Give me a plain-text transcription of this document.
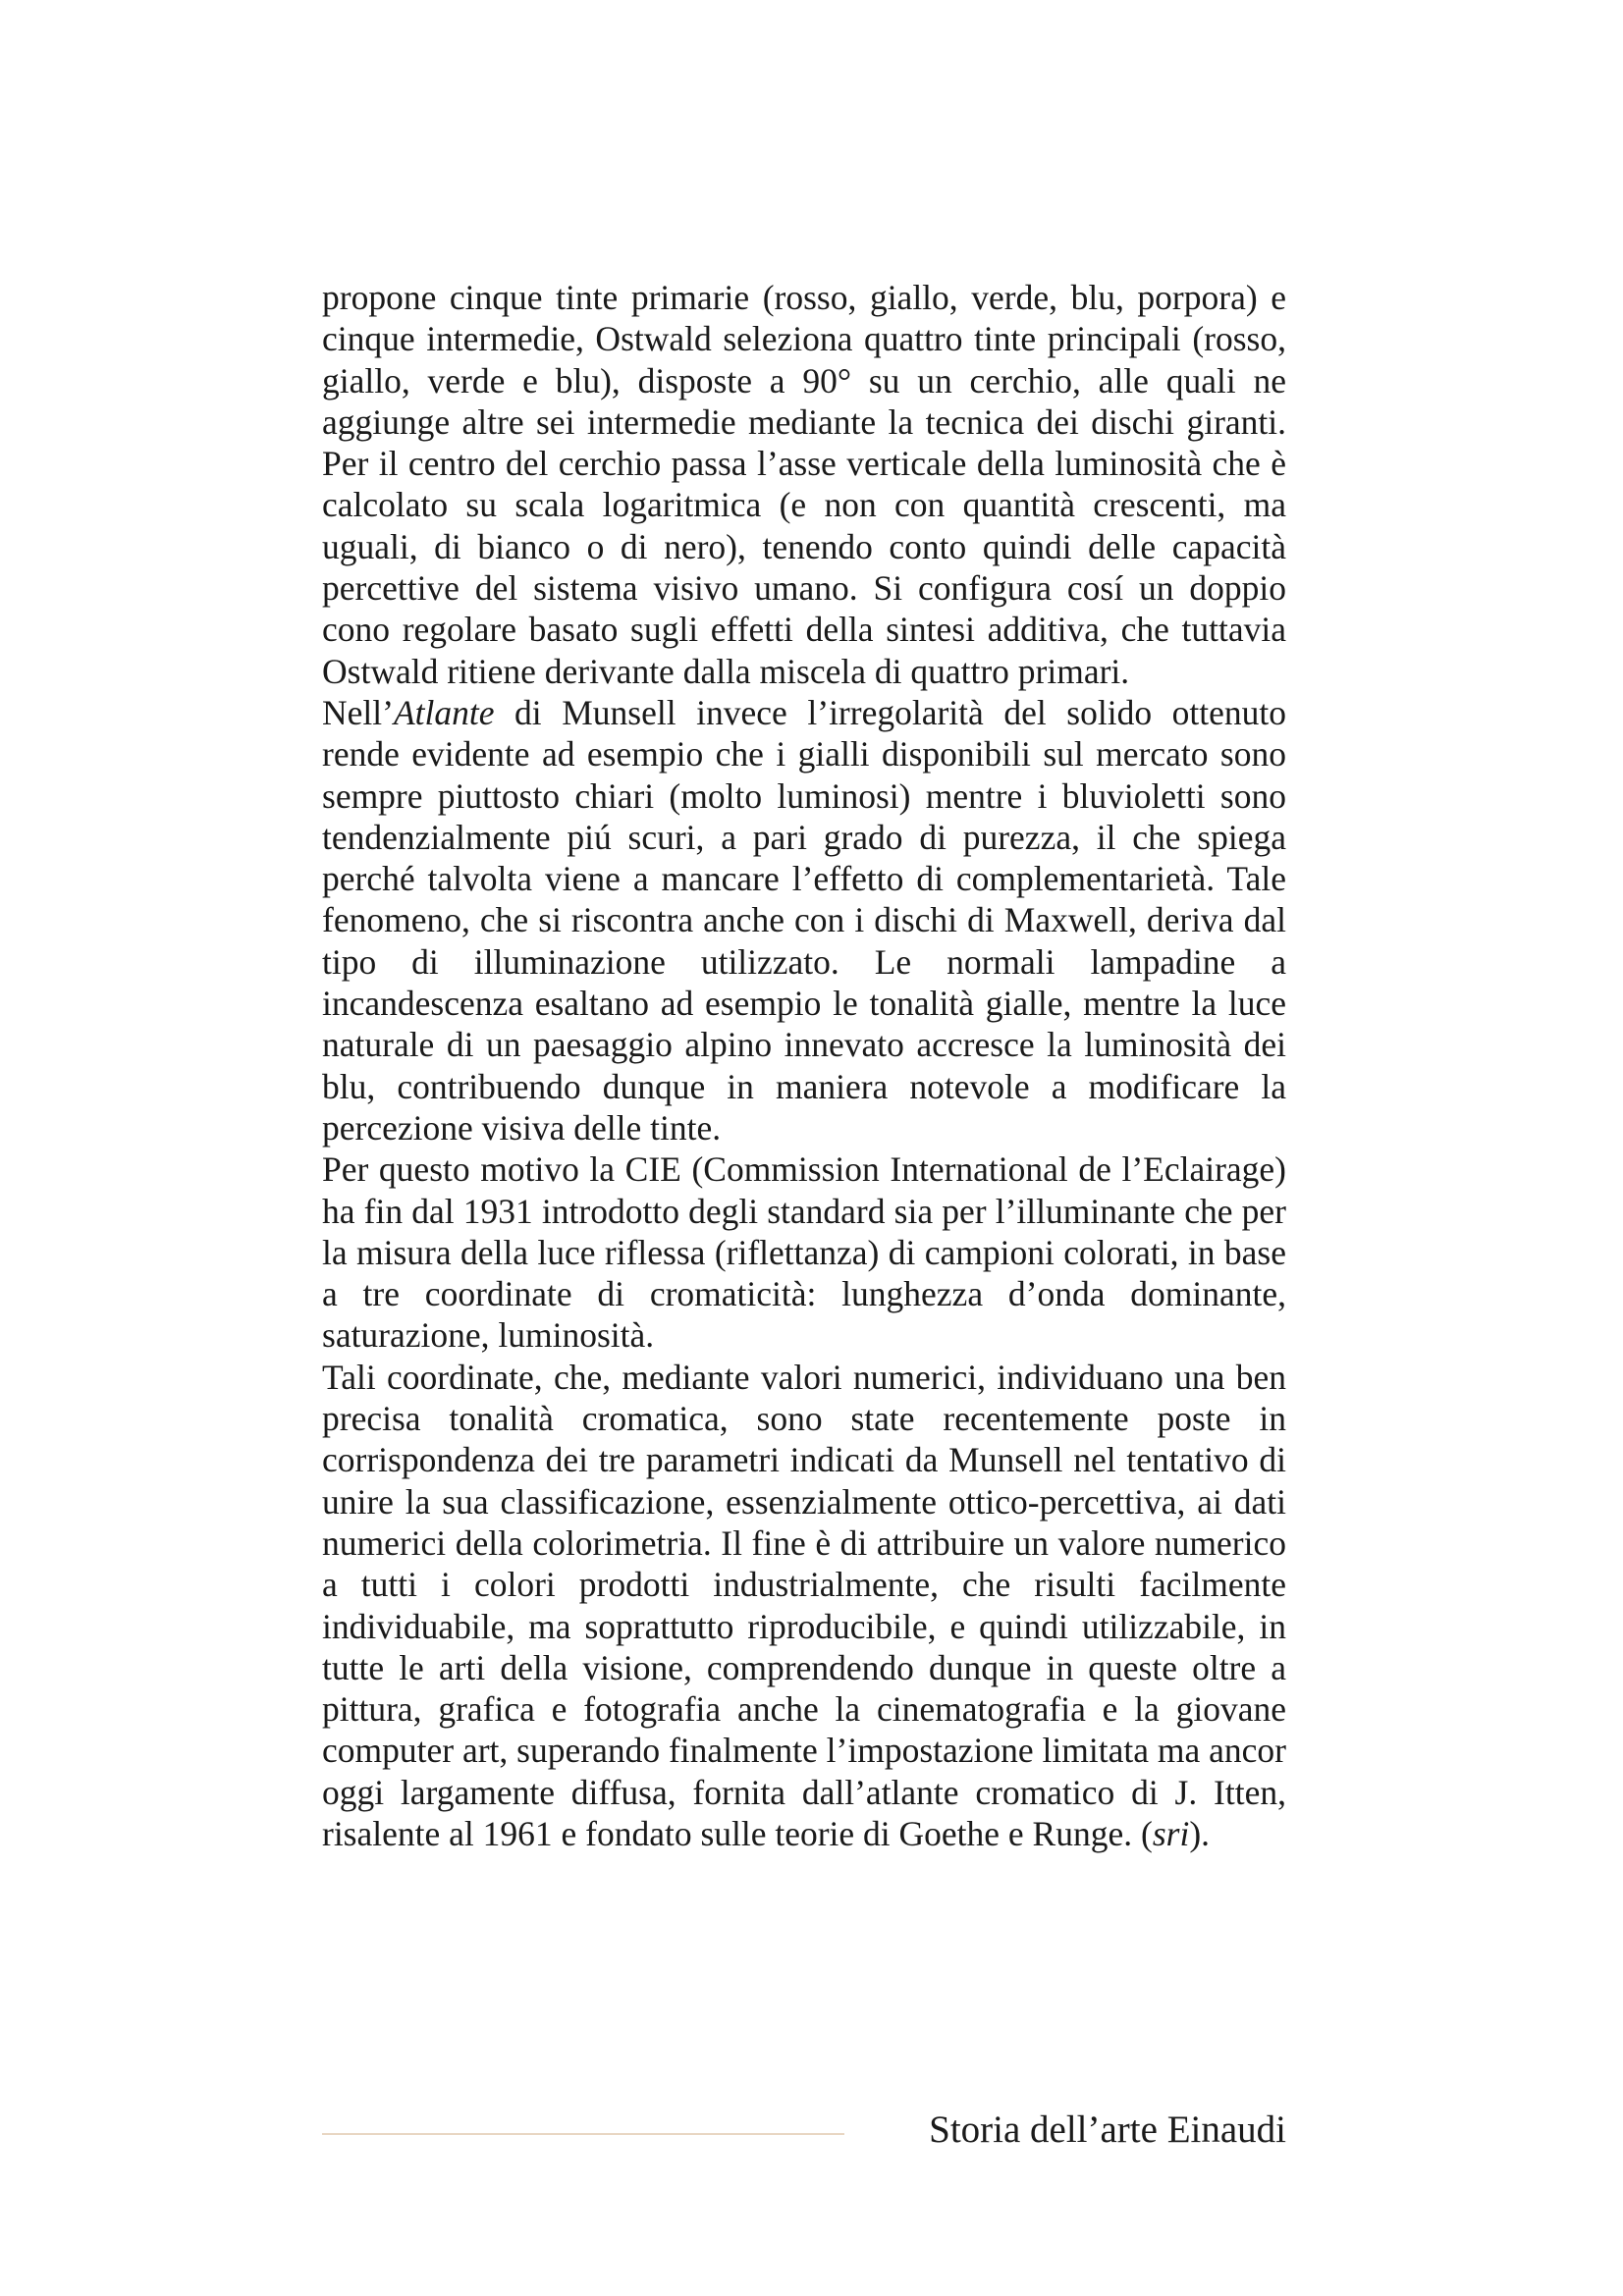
propone cinque tinte primarie (rosso, giallo, verde, blu, porpora) e cinque intermedie, Ostwald seleziona quattro tinte principali (rosso, giallo, verde e blu), disposte a 90° su un cerchio, alle quali ne aggiunge altre sei intermedie mediante la tecnica dei dischi giranti. Per il centro del cerchio passa l’asse verticale della luminosità che è calcolato su scala logaritmica (e non con quantità crescenti, ma uguali, di bianco o di nero), tenendo conto quindi delle capacità percettive del sistema visivo umano. Si configura cosí un doppio cono regolare basato sugli effetti della sintesi additiva, che tuttavia Ostwald ritiene derivante dalla miscela di quattro primari.

Nell’Atlante di Munsell invece l’irregolarità del solido ottenuto rende evidente ad esempio che i gialli disponibili sul mercato sono sempre piuttosto chiari (molto luminosi) mentre i bluvioletti sono tendenzialmente piú scuri, a pari grado di purezza, il che spiega perché talvolta viene a mancare l’effetto di complementarietà. Tale fenomeno, che si riscontra anche con i dischi di Maxwell, deriva dal tipo di illuminazione utilizzato. Le normali lampadine a incandescenza esaltano ad esempio le tonalità gialle, mentre la luce naturale di un paesaggio alpino innevato accresce la luminosità dei blu, contribuendo dunque in maniera notevole a modificare la percezione visiva delle tinte.

Per questo motivo la CIE (Commission International de l’Eclairage) ha fin dal 1931 introdotto degli standard sia per l’illuminante che per la misura della luce riflessa (riflettanza) di campioni colorati, in base a tre coordinate di cromaticità: lunghezza d’onda dominante, saturazione, luminosità.

Tali coordinate, che, mediante valori numerici, individuano una ben precisa tonalità cromatica, sono state recentemente poste in corrispondenza dei tre parametri indicati da Munsell nel tentativo di unire la sua classificazione, essenzialmente ottico-percettiva, ai dati numerici della colorimetria. Il fine è di attribuire un valore numerico a tutti i colori prodotti industrialmente, che risulti facilmente individuabile, ma soprattutto riproducibile, e quindi utilizzabile, in tutte le arti della visione, comprendendo dunque in queste oltre a pittura, grafica e fotografia anche la cinematografia e la giovane computer art, superando finalmente l’impostazione limitata ma ancor oggi largamente diffusa, fornita dall’atlante cromatico di J. Itten, risalente al 1961 e fondato sulle teorie di Goethe e Runge. (sri).

Storia dell’arte Einaudi
